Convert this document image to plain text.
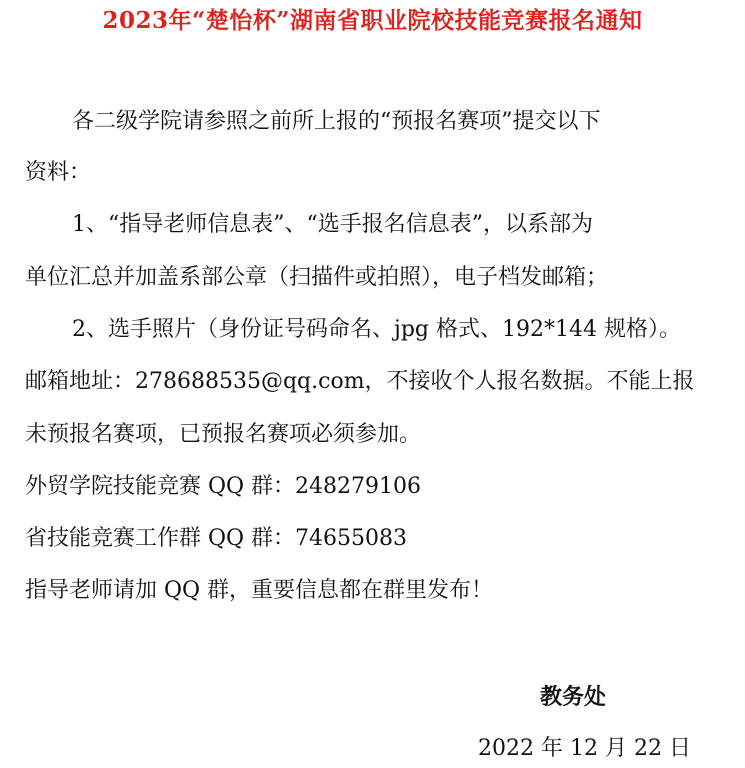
2023年“楚怡杯”湖南省职业院校技能竞赛报名通知
各二级学院请参照之前所上报的“预报名赛项”提交以下
资料：
1、“指导老师信息表”、“选手报名信息表”，以系部为
单位汇总并加盖系部公章（扫描件或拍照），电子档发邮箱；
2、选手照片（身份证号码命名、jpg 格式、192*144 规格）。
邮箱地址：278688535@qq.com，不接收个人报名数据。不能上报
未预报名赛项，已预报名赛项必须参加。
外贸学院技能竞赛 QQ 群：248279106
省技能竞赛工作群 QQ 群：74655083
指导老师请加 QQ 群，重要信息都在群里发布！
教务处
2022 年 12 月 22 日
